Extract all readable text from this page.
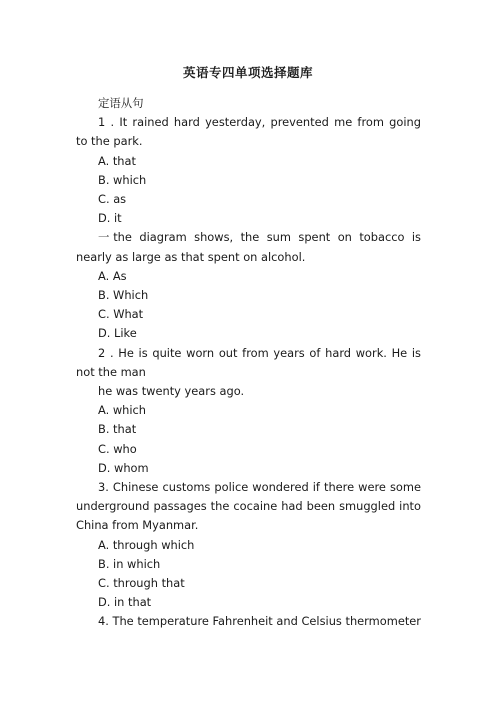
英语专四单项选择题库

定语从句

1 . It rained hard yesterday, prevented me from going to the park.

A. that

B. which

C. as

D. it

一the diagram shows, the sum spent on tobacco is nearly as large as that spent on alcohol.

A. As

B. Which

C. What

D. Like

2 . He is quite worn out from years of hard work. He is not the man

he was twenty years ago.

A. which

B. that

C. who

D. whom

3. Chinese customs police wondered if there were some underground passages the cocaine had been smuggled into China from Myanmar.

A. through which

B. in which

C. through that

D. in that

4. The temperature Fahrenheit and Celsius thermometer
